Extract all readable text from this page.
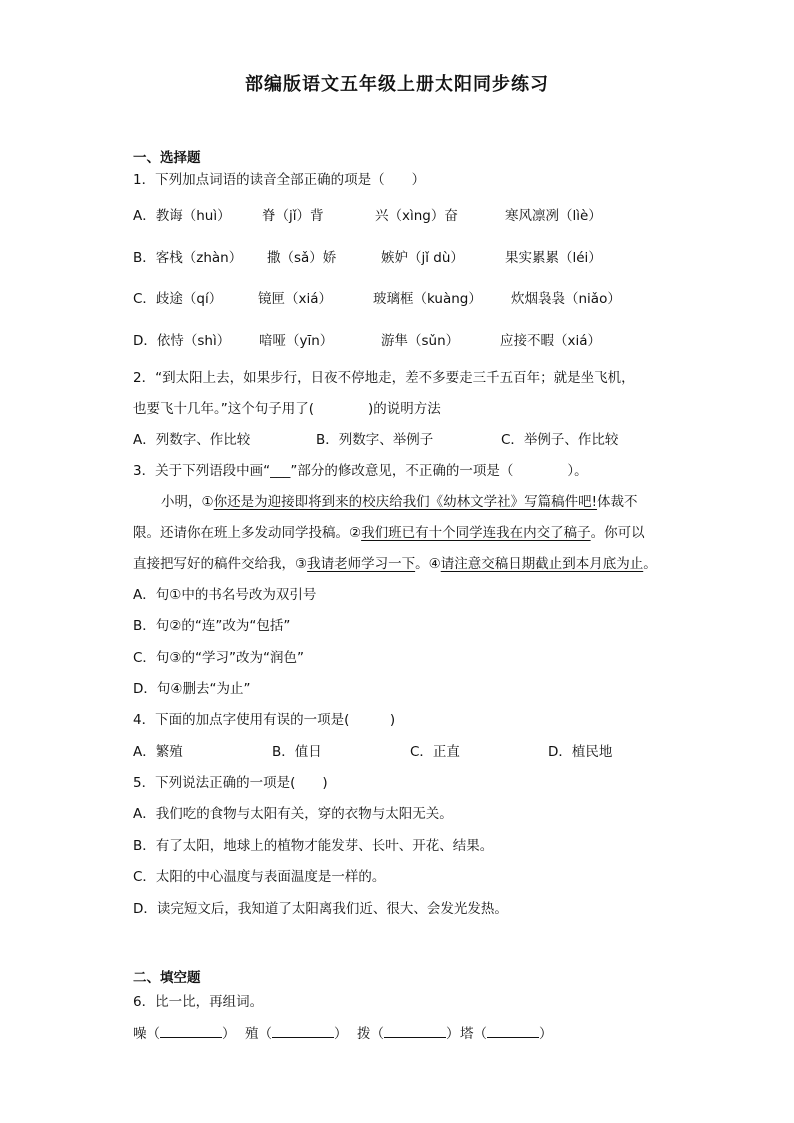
部编版语文五年级上册太阳同步练习
一、选择题
1．下列加点词语的读音全部正确的项是（　　）
A．教诲（huì） 脊（jǐ）背	兴（xìng）奋	寒风凛冽（lìè）
B．客栈（zhàn） 撒（sǎ）娇	嫉妒（jǐ dù）	果实累累（léi）
C．歧途（qí）	镜匣（xiá）	玻璃框（kuàng） 炊烟袅袅（niǎo）
D．依恃（shì） 喑哑（yīn）	游隼（sǔn）	应接不暇（xiá）
2．“到太阳上去，如果步行，日夜不停地走，差不多要走三千五百年；就是坐飞机，
也要飞十几年。”这个句子用了(　　　　)的说明方法
A．列数字、作比较	B．列数字、举例子	C．举例子、作比较
3．关于下列语段中画“___”部分的修改意见，不正确的一项是（　　　　）。
小明，①你还是为迎接即将到来的校庆给我们《幼林文学社》写篇稿件吧!体裁不
限。还请你在班上多发动同学投稿。②我们班已有十个同学连我在内交了稿子。你可以
直接把写好的稿件交给我，③我请老师学习一下。④请注意交稿日期截止到本月底为止。
A．句①中的书名号改为双引号
B．句②的“连”改为“包括”
C．句③的“学习”改为“润色”
D．句④删去“为止”
4．下面的加点字使用有误的一项是(　　　)
A．繁殖	B．值日	C．正直	D．植民地
5．下列说法正确的一项是(　　)
A．我们吃的食物与太阳有关，穿的衣物与太阳无关。
B．有了太阳，地球上的植物才能发芽、长叶、开花、结果。
C．太阳的中心温度与表面温度是一样的。
D．读完短文后，我知道了太阳离我们近、很大、会发光发热。
二、填空题
6．比一比，再组词。
噪（	） 殖（	） 拨（	） 塔（	）
